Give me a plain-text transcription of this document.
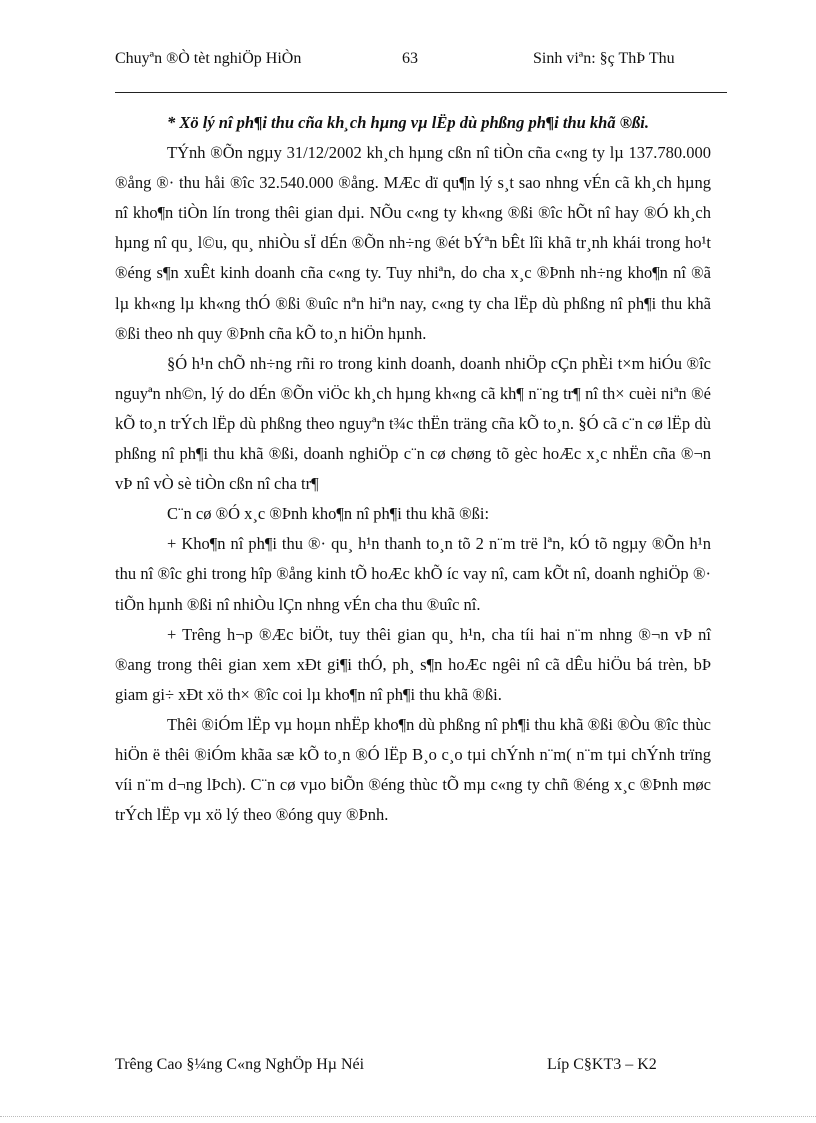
Chuyªn ®Ò tèt nghiÖp HiÒn	63	Sinh viªn: §ç ThÞ Thu

* Xö lý nî ph¶i thu cña kh¸ch hµng vµ lËp dù phßng ph¶i thu khã ®ßi.

TÝnh ®Õn ngµy 31/12/2002 kh¸ch hµng cßn nî tiÒn cña c«ng ty lµ 137.780.000 ®ång ®· thu håi ®îc 32.540.000 ®ång. MÆc dï qu¶n lý s¸t sao nhng vÉn cã kh¸ch hµng nî kho¶n tiÒn lín trong thêi gian dµi. NÕu c«ng ty kh«ng ®ßi ®îc hÕt nî hay ®Ó kh¸ch hµng nî qu¸ l©u, qu¸ nhiÒu sÏ dÉn ®Õn nh÷ng ®ét bÝªn bÊt lîi khã tr¸nh khái trong ho¹t ®éng s¶n xuÊt kinh doanh cña c«ng ty. Tuy nhiªn, do cha x¸c ®Þnh nh÷ng kho¶n nî ®ã lµ kh«ng lµ kh«ng thÓ ®ßi ®uîc nªn hiªn nay, c«ng ty cha lËp dù phßng nî ph¶i thu khã ®ßi theo nh quy ®Þnh cña kÕ to¸n hiÖn hµnh.

§Ó h¹n chÕ nh÷ng rñi ro trong kinh doanh, doanh nhiÖp cÇn phÈi t×m hiÓu ®îc nguyªn nh©n, lý do dÉn ®Õn viÖc kh¸ch hµng kh«ng cã kh¶ n¨ng tr¶ nî th× cuèi niªn ®é kÕ to¸n trÝch lËp dù phßng theo nguyªn t¾c thËn träng cña kÕ to¸n. §Ó cã c¨n cø lËp dù phßng nî ph¶i thu khã ®ßi, doanh nghiÖp c¨n cø chøng tõ gèc hoÆc x¸c nhËn cña ®¬n vÞ nî vÒ sè tiÒn cßn nî cha tr¶

C¨n cø ®Ó x¸c ®Þnh kho¶n nî ph¶i thu khã ®ßi:

+ Kho¶n nî ph¶i thu ®· qu¸ h¹n thanh to¸n tõ 2 n¨m trë lªn, kÓ tõ ngµy ®Õn h¹n thu nî ®îc ghi trong hîp ®ång kinh tÕ hoÆc khÕ íc vay nî, cam kÕt nî, doanh nghiÖp ®· tiÕn hµnh ®ßi nî nhiÒu lÇn nhng vÉn cha thu ®uîc nî.

+ Trêng h¬p ®Æc biÖt, tuy thêi gian qu¸ h¹n, cha tíi hai n¨m nhng ®¬n vÞ nî ®ang trong thêi gian xem xÐt gi¶i thÓ, ph¸ s¶n hoÆc ngêi nî cã dÊu hiÖu bá trèn, bÞ giam gi÷ xÐt xö th× ®îc coi lµ kho¶n nî ph¶i thu khã ®ßi.

Thêi ®iÓm lËp vµ hoµn nhËp kho¶n dù phßng nî ph¶i thu khã ®ßi ®Òu ®îc thùc hiÖn ë thêi ®iÓm khãa sæ kÕ to¸n ®Ó lËp B¸o c¸o tµi chÝnh n¨m( n¨m tµi chÝnh trïng víi n¨m d¬ng lÞch). C¨n cø vµo biÕn ®éng thùc tÕ mµ c«ng ty chñ ®éng x¸c ®Þnh møc trÝch lËp vµ xö lý theo ®óng quy ®Þnh.

Trêng Cao §¼ng C«ng NghÖp Hµ Néi	Líp C§KT3 – K2
